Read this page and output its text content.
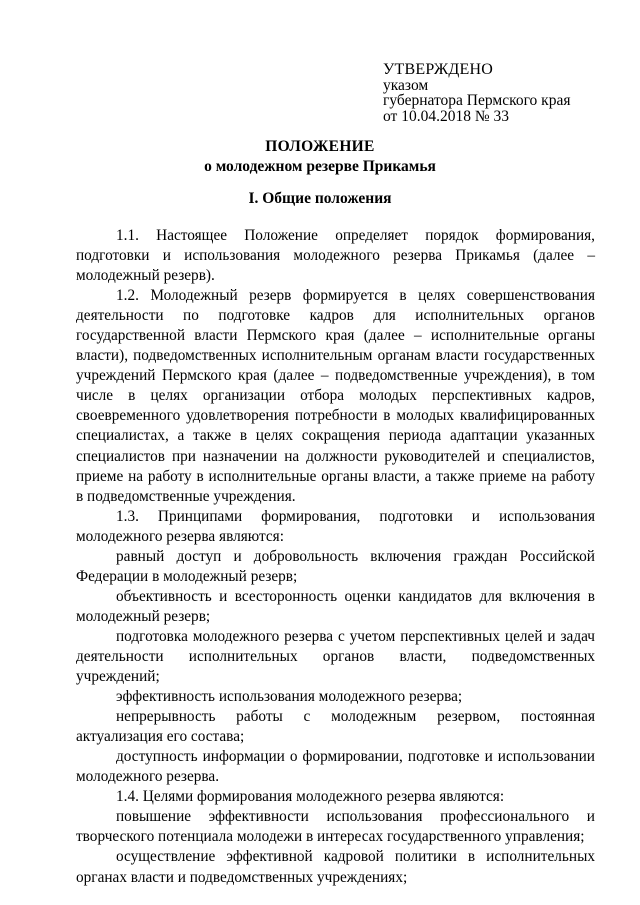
УТВЕРЖДЕНО
указом
губернатора Пермского края
от 10.04.2018 № 33
ПОЛОЖЕНИЕ
о молодежном резерве Прикамья
I. Общие положения

1.1. Настоящее Положение определяет порядок формирования, подготовки и использования молодежного резерва Прикамья (далее – молодежный резерв).

1.2. Молодежный резерв формируется в целях совершенствования деятельности по подготовке кадров для исполнительных органов государственной власти Пермского края (далее – исполнительные органы власти), подведомственных исполнительным органам власти государственных учреждений Пермского края (далее – подведомственные учреждения), в том числе в целях организации отбора молодых перспективных кадров, своевременного удовлетворения потребности в молодых квалифицированных специалистах, а также в целях сокращения периода адаптации указанных специалистов при назначении на должности руководителей и специалистов, приеме на работу в исполнительные органы власти, а также приеме на работу в подведомственные учреждения.

1.3. Принципами формирования, подготовки и использования молодежного резерва являются:

равный доступ и добровольность включения граждан Российской Федерации в молодежный резерв;

объективность и всесторонность оценки кандидатов для включения в молодежный резерв;

подготовка молодежного резерва с учетом перспективных целей и задач деятельности исполнительных органов власти, подведомственных учреждений;

эффективность использования молодежного резерва;

непрерывность работы с молодежным резервом, постоянная актуализация его состава;

доступность информации о формировании, подготовке и использовании молодежного резерва.

1.4. Целями формирования молодежного резерва являются:

повышение эффективности использования профессионального и творческого потенциала молодежи в интересах государственного управления;

осуществление эффективной кадровой политики в исполнительных органах власти и подведомственных учреждениях;
